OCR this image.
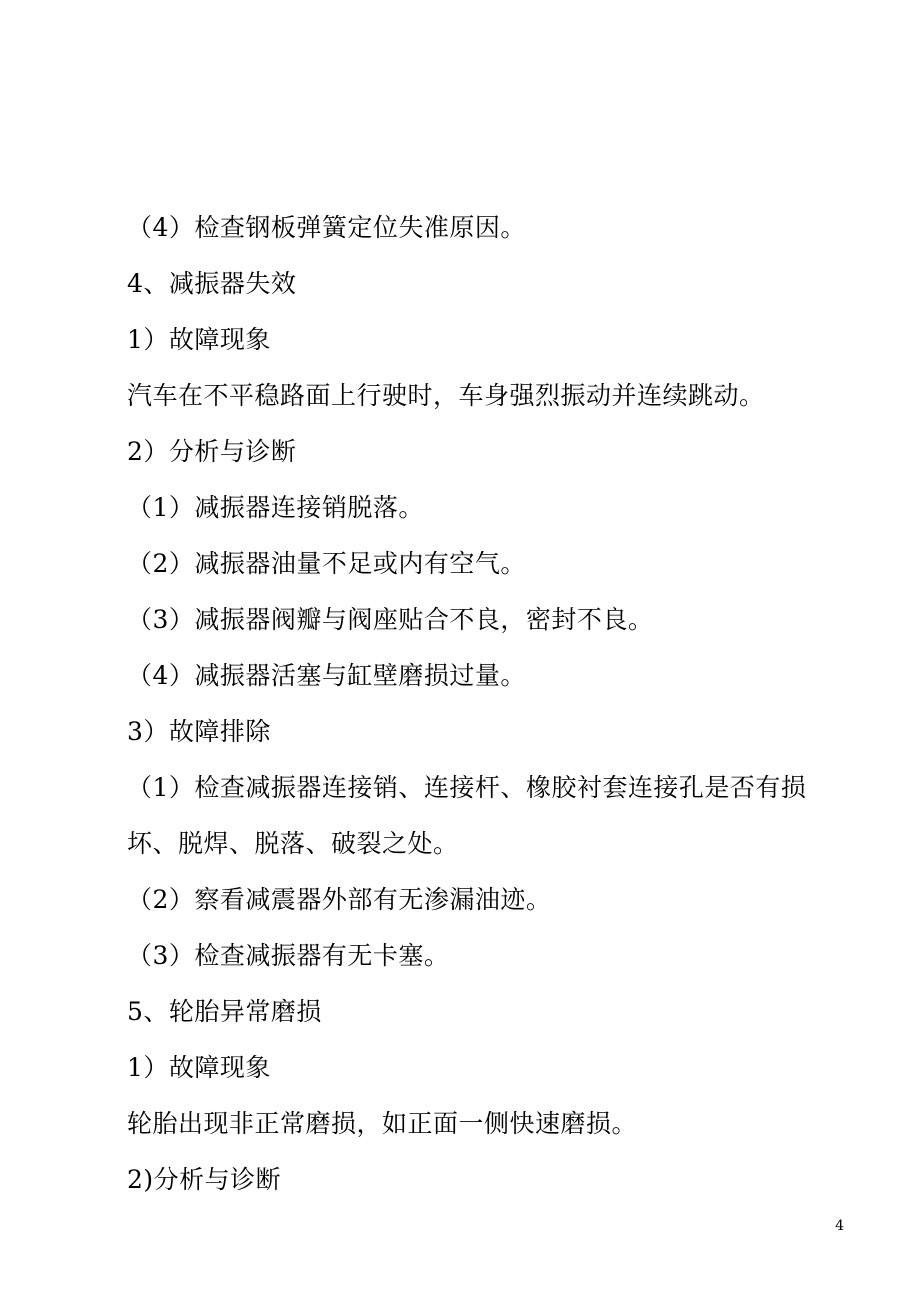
（4）检查钢板弹簧定位失准原因。
4、减振器失效
1）故障现象
汽车在不平稳路面上行驶时，车身强烈振动并连续跳动。
2）分析与诊断
（1）减振器连接销脱落。
（2）减振器油量不足或内有空气。
（3）减振器阀瓣与阀座贴合不良，密封不良。
（4）减振器活塞与缸壁磨损过量。
3）故障排除
（1）检查减振器连接销、连接杆、橡胶衬套连接孔是否有损
坏、脱焊、脱落、破裂之处。
（2）察看减震器外部有无渗漏油迹。
（3）检查减振器有无卡塞。
5、轮胎异常磨损
1）故障现象
轮胎出现非正常磨损，如正面一侧快速磨损。
2)分析与诊断
4
